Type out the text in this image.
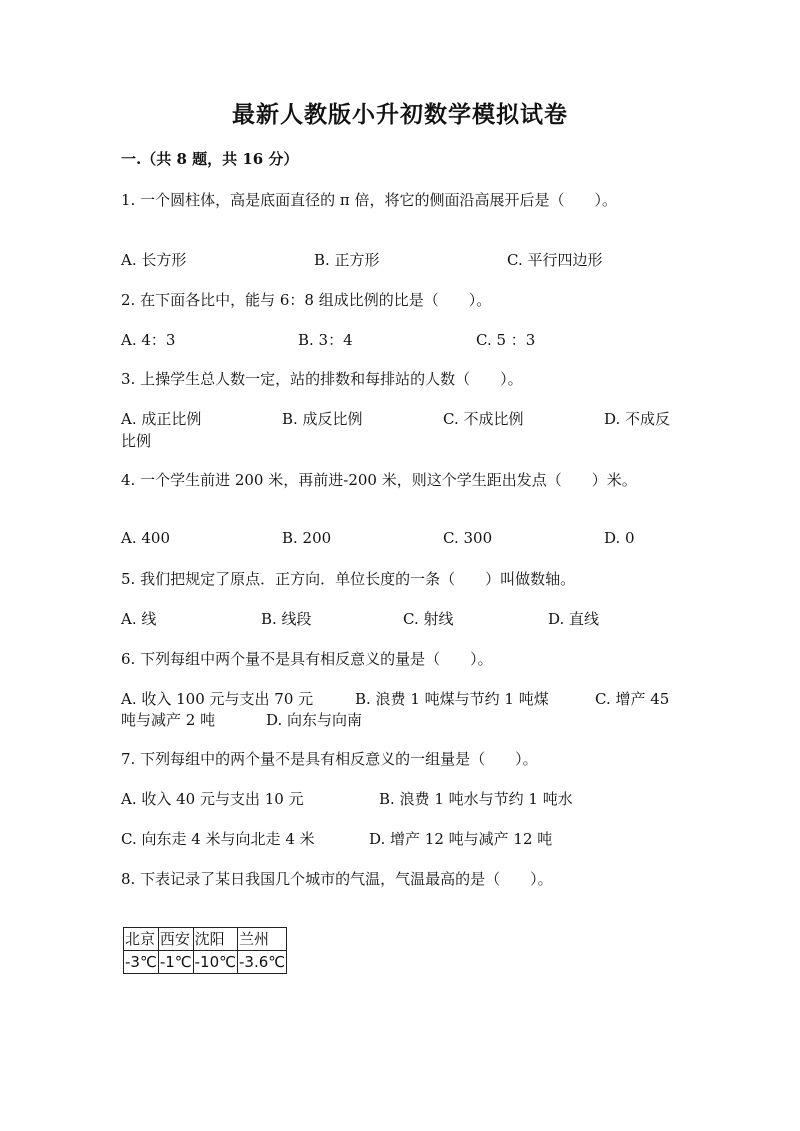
最新人教版小升初数学模拟试卷
一.（共 8 题，共 16 分）
1. 一个圆柱体，高是底面直径的 π 倍，将它的侧面沿高展开后是（　　）。
A. 长方形	B. 正方形	C. 平行四边形
2. 在下面各比中，能与 6：8 组成比例的比是（　　）。
A. 4：3	B. 3：4	C. 5 ：3
3. 上操学生总人数一定，站的排数和每排站的人数（　　）。
A. 成正比例	B. 成反比例	C. 不成比例	D. 不成反
比例
4. 一个学生前进 200 米，再前进-200 米，则这个学生距出发点（　　）米。
A. 400	B. 200	C. 300	D. 0
5. 我们把规定了原点．正方向．单位长度的一条（　　）叫做数轴。
A. 线	B. 线段	C. 射线	D. 直线
6. 下列每组中两个量不是具有相反意义的量是（　　）。
A. 收入 100 元与支出 70 元	B. 浪费 1 吨煤与节约 1 吨煤	C. 增产 45
吨与减产 2 吨	D. 向东与向南
7. 下列每组中的两个量不是具有相反意义的一组量是（　　）。
A. 收入 40 元与支出 10 元	B. 浪费 1 吨水与节约 1 吨水
C. 向东走 4 米与向北走 4 米	D. 增产 12 吨与减产 12 吨
8. 下表记录了某日我国几个城市的气温，气温最高的是（　　）。
北京	西安	沈阳	兰州
-3℃	-1℃	-10℃	-3.6℃
